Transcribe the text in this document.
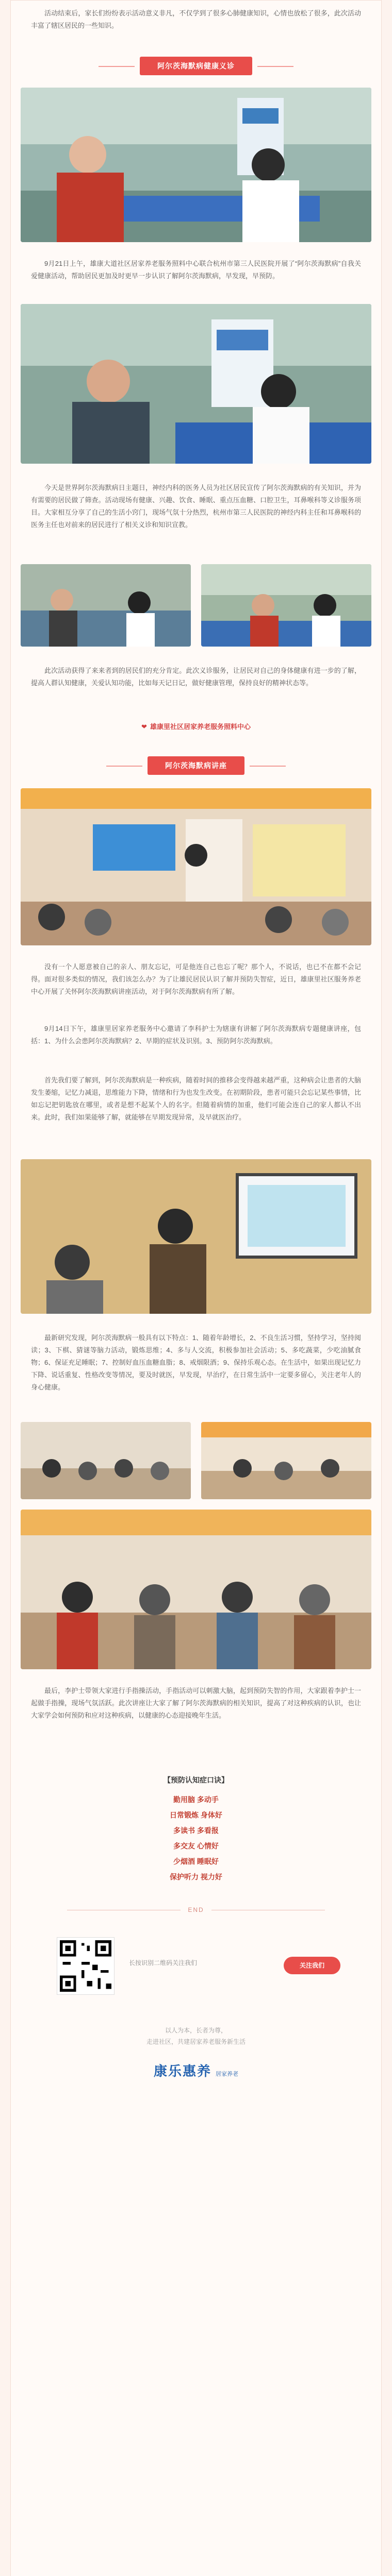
活动结束后，家长们纷纷表示活动意义非凡，不仅学到了很多心肺健康知识，心情也放松了很多，此次活动丰富了辖区居民的一些知识。

阿尔茨海默病健康义诊

9月21日上午，雄康大道社区居家养老服务照料中心联合杭州市第三人民医院开展了“阿尔茨海默病”自我关爱健康活动，帮助居民更加及时更早一步认识了解阿尔茨海默病，早发现，早预防。

今天是世界阿尔茨海默病日主题日，神经内科的医务人员为社区居民宣传了阿尔茨海默病的有关知识，并为有需要的居民做了筛查。活动现场有健康、兴趣、饮食、睡眠、重点压血糖、口腔卫生，耳鼻喉科等义诊服务项目。大家相互分享了自己的生活小窍门，现场气氛十分热烈，杭州市第三人民医院的神经内科主任和耳鼻喉科的医务主任也对前来的居民进行了相关义诊和知识宣教。

此次活动获得了来来者到的居民们的充分肯定。此次义诊服务，让居民对自己的身体健康有进一步的了解，提高人群认知健康，关爱认知功能，比如每天记日记，做好健康管理，保持良好的精神状态等。

❤ 雄康里社区居家养老服务照料中心
阿尔茨海默病讲座

没有一个人愿意被自己的亲人、朋友忘记，可是他连自己也忘了呢？那个人，不说话，也已不在都不会记得。面对很多类似的情况，我们该怎么办？为了让雄民居民认识了解并预防失智症，近日，雄康里社区服务养老中心开展了关怀阿尔茨海默病讲座活动，对于阿尔茨海默病有所了解。

9月14日下午，雄康里居家养老服务中心邀请了李科护士为辖康有讲解了阿尔茨海默病专题健康讲座，包括：1、为什么会患阿尔茨海默病？2、早期的症状及识别。3、预防阿尔茨海默病。

首先我们要了解到，阿尔茨海默病是一种疾病，随着时间的推移会变得越来越严重，这种病会让患者的大脑发生萎缩，记忆力减退，思维能力下降，情绪和行为也发生改变。在初期阶段，患者可能只会忘记某些事情，比如忘记把钥匙放在哪里，或者是想不起某个人的名字。但随着病情的加重，他们可能会连自己的家人都认不出来。此时，我们如果能够了解，就能够在早期发现异常，及早就医治疗。

最新研究发现，阿尔茨海默病一般具有以下特点：1、随着年龄增长，2、不良生活习惯，坚持学习，坚持阅读；3、下棋、猜谜等脑力活动，锻炼思维；4、多与人交流，积极参加社会活动；5、多吃蔬菜，少吃油腻食物；6、保证充足睡眠；7、控制好血压血糖血脂；8、戒烟限酒；9、保持乐观心态。在生活中，如果出现记忆力下降、说话重复、性格改变等情况，要及时就医，早发现，早治疗，在日常生活中一定要多留心，关注老年人的身心健康。

最后，李护士带领大家进行手指操活动，手指活动可以刺激大脑，起到预防失智的作用，大家跟着李护士一起做手指操，现场气氛活跃。此次讲座让大家了解了阿尔茨海默病的相关知识，提高了对这种疾病的认识，也让大家学会如何预防和应对这种疾病，以健康的心态迎接晚年生活。

【预防认知症口诀】
勤用脑 多动手
日常锻炼 身体好
多读书 多看报
多交友 心情好
少烟酒 睡眠好
保护听力 视力好
END
长按识别二维码关注我们	关注我们
以人为本，长者为尊，
走进社区，共建居家养老服务新生活
康乐惠养 居家养老
